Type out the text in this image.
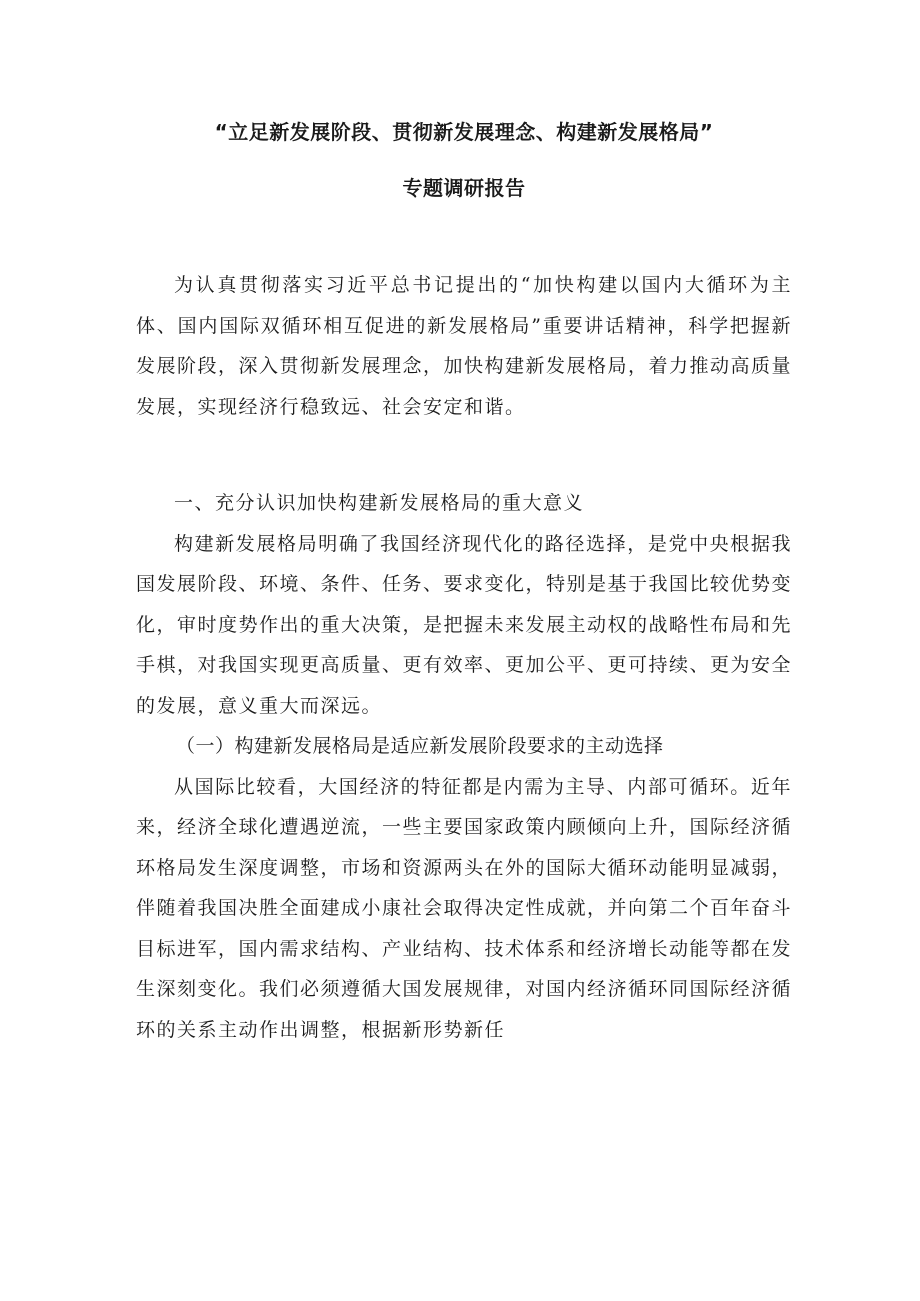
“立足新发展阶段、贯彻新发展理念、构建新发展格局”
专题调研报告

为认真贯彻落实习近平总书记提出的“加快构建以国内大循环为主体、国内国际双循环相互促进的新发展格局”重要讲话精神，科学把握新发展阶段，深入贯彻新发展理念，加快构建新发展格局，着力推动高质量发展，实现经济行稳致远、社会安定和谐。

一、充分认识加快构建新发展格局的重大意义

构建新发展格局明确了我国经济现代化的路径选择，是党中央根据我国发展阶段、环境、条件、任务、要求变化，特别是基于我国比较优势变化，审时度势作出的重大决策，是把握未来发展主动权的战略性布局和先手棋，对我国实现更高质量、更有效率、更加公平、更可持续、更为安全的发展，意义重大而深远。

（一）构建新发展格局是适应新发展阶段要求的主动选择

从国际比较看，大国经济的特征都是内需为主导、内部可循环。近年来，经济全球化遭遇逆流，一些主要国家政策内顾倾向上升，国际经济循环格局发生深度调整，市场和资源两头在外的国际大循环动能明显减弱，伴随着我国决胜全面建成小康社会取得决定性成就，并向第二个百年奋斗目标进军，国内需求结构、产业结构、技术体系和经济增长动能等都在发生深刻变化。我们必须遵循大国发展规律，对国内经济循环同国际经济循环的关系主动作出调整，根据新形势新任
